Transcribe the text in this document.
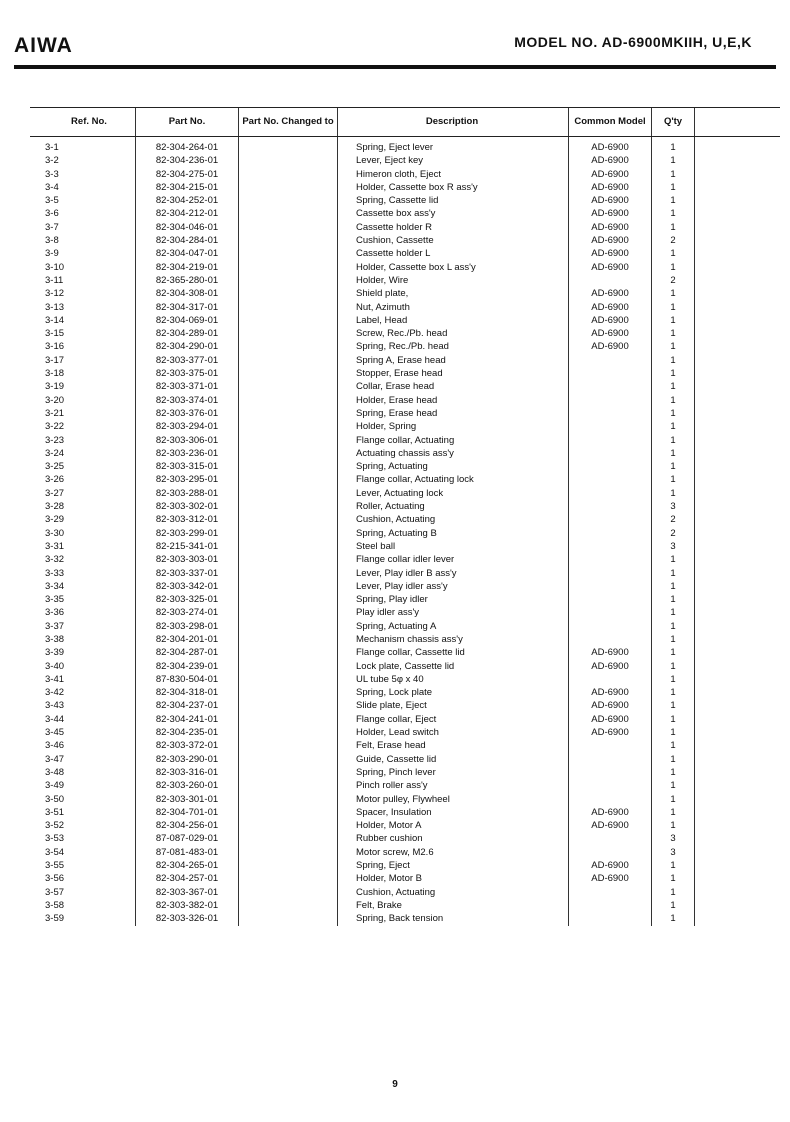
AIWA	MODEL NO. AD-6900MKIIH, U,E,K
Ref. No.	Part No.	Part No. Changed to	Description	Common Model	Q'ty	
3-1	82-304-264-01		Spring, Eject lever	AD-6900	1	
3-2	82-304-236-01		Lever, Eject key	AD-6900	1	
3-3	82-304-275-01		Himeron cloth, Eject	AD-6900	1	
3-4	82-304-215-01		Holder, Cassette box R ass'y	AD-6900	1	
3-5	82-304-252-01		Spring, Cassette lid	AD-6900	1	
3-6	82-304-212-01		Cassette box ass'y	AD-6900	1	
3-7	82-304-046-01		Cassette holder R	AD-6900	1	
3-8	82-304-284-01		Cushion, Cassette	AD-6900	2	
3-9	82-304-047-01		Cassette holder L	AD-6900	1	
3-10	82-304-219-01		Holder, Cassette box L ass'y	AD-6900	1	
3-11	82-365-280-01		Holder, Wire		2	
3-12	82-304-308-01		Shield plate,	AD-6900	1	
3-13	82-304-317-01		Nut, Azimuth	AD-6900	1	
3-14	82-304-069-01		Label, Head	AD-6900	1	
3-15	82-304-289-01		Screw, Rec./Pb. head	AD-6900	1	
3-16	82-304-290-01		Spring, Rec./Pb. head	AD-6900	1	
3-17	82-303-377-01		Spring A, Erase head		1	
3-18	82-303-375-01		Stopper, Erase head		1	
3-19	82-303-371-01		Collar, Erase head		1	
3-20	82-303-374-01		Holder, Erase head		1	
3-21	82-303-376-01		Spring, Erase head		1	
3-22	82-303-294-01		Holder, Spring		1	
3-23	82-303-306-01		Flange collar, Actuating		1	
3-24	82-303-236-01		Actuating chassis ass'y		1	
3-25	82-303-315-01		Spring, Actuating		1	
3-26	82-303-295-01		Flange collar, Actuating lock		1	
3-27	82-303-288-01		Lever, Actuating lock		1	
3-28	82-303-302-01		Roller, Actuating		3	
3-29	82-303-312-01		Cushion, Actuating		2	
3-30	82-303-299-01		Spring, Actuating B		2	
3-31	82-215-341-01		Steel ball		3	
3-32	82-303-303-01		Flange collar idler lever		1	
3-33	82-303-337-01		Lever, Play idler B ass'y		1	
3-34	82-303-342-01		Lever, Play idler ass'y		1	
3-35	82-303-325-01		Spring, Play idler		1	
3-36	82-303-274-01		Play idler ass'y		1	
3-37	82-303-298-01		Spring, Actuating A		1	
3-38	82-304-201-01		Mechanism chassis ass'y		1	
3-39	82-304-287-01		Flange collar, Cassette lid	AD-6900	1	
3-40	82-304-239-01		Lock plate, Cassette lid	AD-6900	1	
3-41	87-830-504-01		UL tube 5φ x 40		1	
3-42	82-304-318-01		Spring, Lock plate	AD-6900	1	
3-43	82-304-237-01		Slide plate, Eject	AD-6900	1	
3-44	82-304-241-01		Flange collar, Eject	AD-6900	1	
3-45	82-304-235-01		Holder, Lead switch	AD-6900	1	
3-46	82-303-372-01		Felt, Erase head		1	
3-47	82-303-290-01		Guide, Cassette lid		1	
3-48	82-303-316-01		Spring, Pinch lever		1	
3-49	82-303-260-01		Pinch roller ass'y		1	
3-50	82-303-301-01		Motor pulley, Flywheel		1	
3-51	82-304-701-01		Spacer, Insulation	AD-6900	1	
3-52	82-304-256-01		Holder, Motor A	AD-6900	1	
3-53	87-087-029-01		Rubber cushion		3	
3-54	87-081-483-01		Motor screw, M2.6		3	
3-55	82-304-265-01		Spring, Eject	AD-6900	1	
3-56	82-304-257-01		Holder, Motor B	AD-6900	1	
3-57	82-303-367-01		Cushion, Actuating		1	
3-58	82-303-382-01		Felt, Brake		1	
3-59	82-303-326-01		Spring, Back tension		1	
9
